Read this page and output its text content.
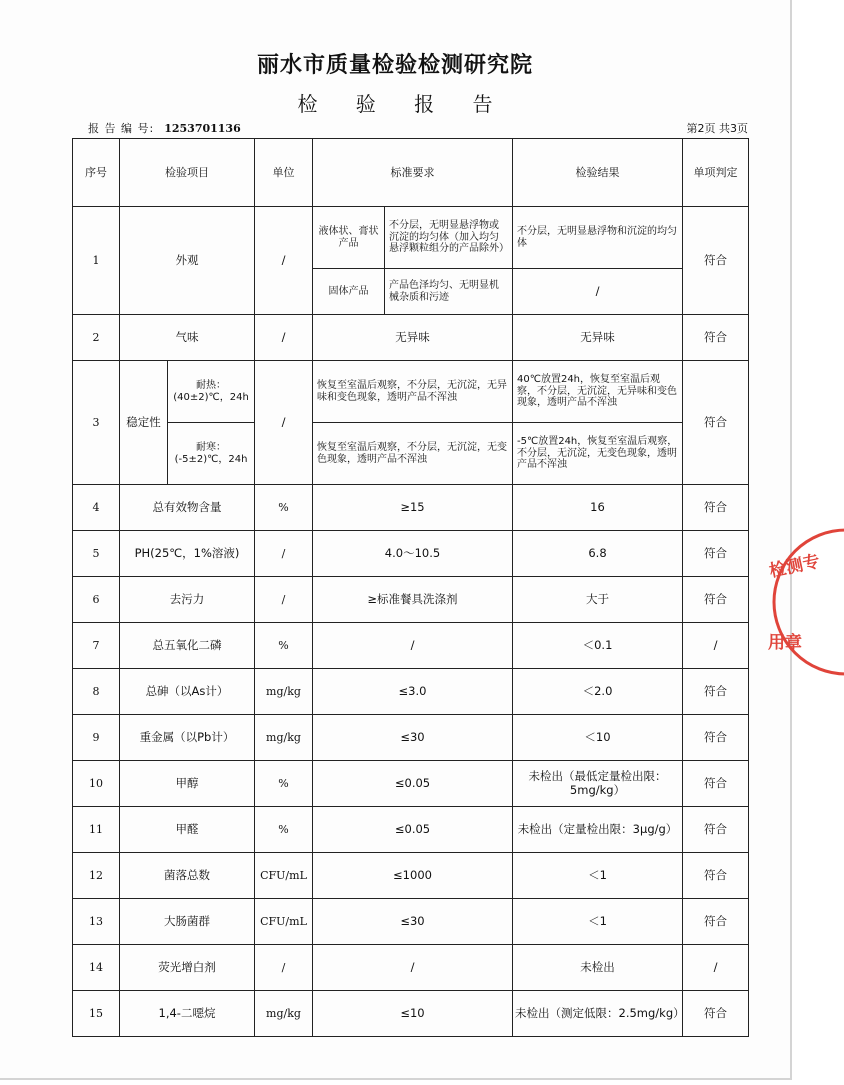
丽水市质量检验检测研究院
检 验 报 告
报 告 编 号: 1253701136	第2页 共3页
序号	检验项目		单位	标准要求		检验结果	单项判定
1	外观		/	液体状、膏状产品	不分层，无明显悬浮物或沉淀的均匀体（加入均匀悬浮颗粒组分的产品除外）	不分层，无明显悬浮物和沉淀的均匀体	符合
				固体产品	产品色泽均匀、无明显机械杂质和污迹	/	
2	气味		/	无异味		无异味	符合
3	稳定性	耐热：(40±2)℃，24h	/	恢复至室温后观察，不分层，无沉淀，无异味和变色现象，透明产品不浑浊		40℃放置24h，恢复至室温后观察，不分层，无沉淀，无异味和变色现象，透明产品不浑浊	符合
		耐寒：(-5±2)℃，24h		恢复至室温后观察，不分层，无沉淀，无变色现象，透明产品不浑浊		-5℃放置24h，恢复至室温后观察，不分层，无沉淀，无变色现象，透明产品不浑浊	
4	总有效物含量		%	≥15		16	符合
5	PH(25℃，1%溶液)		/	4.0～10.5		6.8	符合
6	去污力		/	≥标准餐具洗涤剂		大于	符合
7	总五氧化二磷		%	/		＜0.1	/
8	总砷（以As计）		mg/kg	≤3.0		＜2.0	符合
9	重金属（以Pb计）		mg/kg	≤30		＜10	符合
10	甲醇		%	≤0.05		未检出（最低定量检出限：5mg/kg）	符合
11	甲醛		%	≤0.05		未检出（定量检出限：3μg/g）	符合
12	菌落总数		CFU/mL	≤1000		＜1	符合
13	大肠菌群		CFU/mL	≤30		＜1	符合
14	荧光增白剂		/	/		未检出	/
15	1,4-二噁烷		mg/kg	≤10		未检出（测定低限：2.5mg/kg）	符合
检测专
用章
